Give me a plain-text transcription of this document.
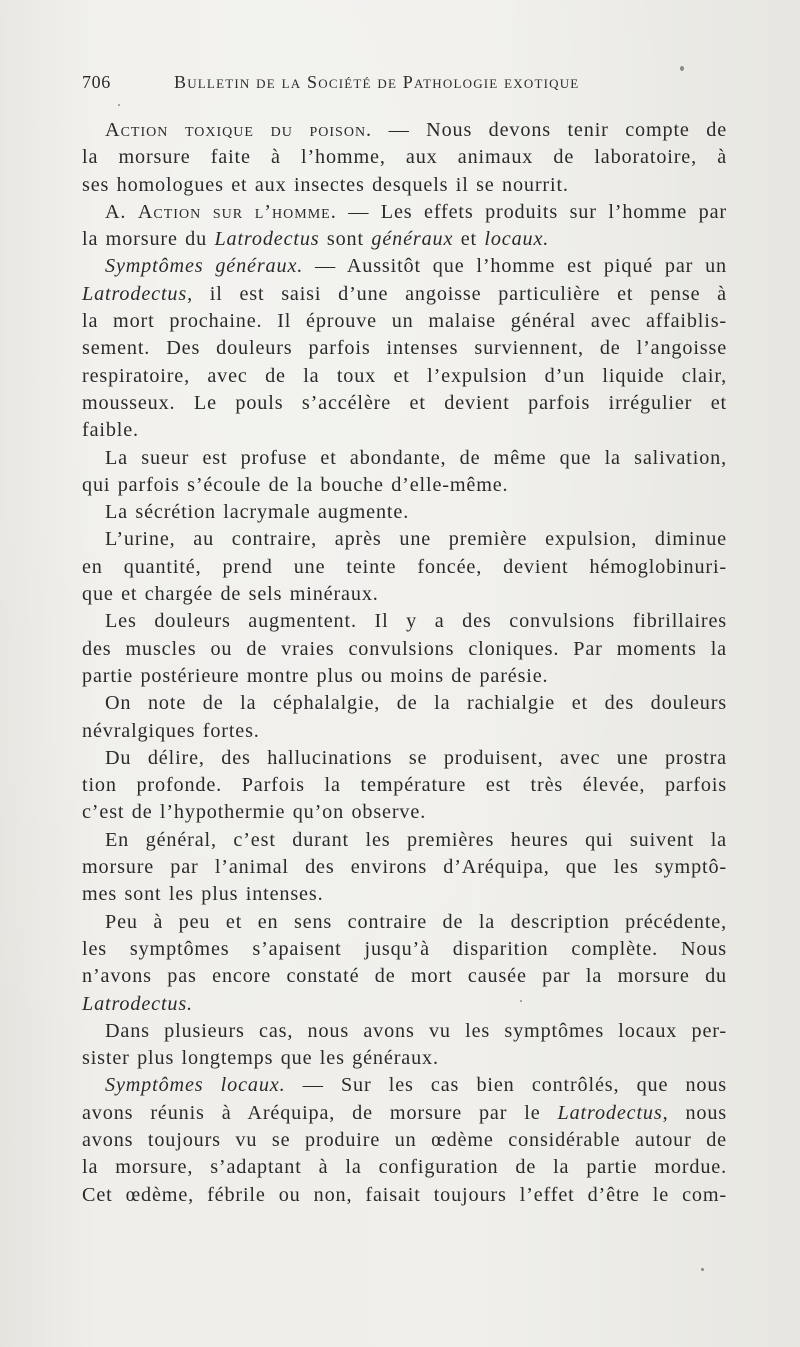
706	Bulletin de la Société de Pathologie exotique
Action toxique du poison. — Nous devons tenir compte de
la morsure faite à l’homme, aux animaux de laboratoire, à
ses homologues et aux insectes desquels il se nourrit.
A. Action sur l’homme. — Les effets produits sur l’homme par
la morsure du Latrodectus sont généraux et locaux.
Symptômes généraux. — Aussitôt que l’homme est piqué par un
Latrodectus, il est saisi d’une angoisse particulière et pense à
la mort prochaine. Il éprouve un malaise général avec affaiblis-
sement. Des douleurs parfois intenses surviennent, de l’angoisse
respiratoire, avec de la toux et l’expulsion d’un liquide clair,
mousseux. Le pouls s’accélère et devient parfois irrégulier et
faible.
La sueur est profuse et abondante, de même que la salivation,
qui parfois s’écoule de la bouche d’elle-même.
La sécrétion lacrymale augmente.
L’urine, au contraire, après une première expulsion, diminue
en quantité, prend une teinte foncée, devient hémoglobinuri-
que et chargée de sels minéraux.
Les douleurs augmentent. Il y a des convulsions fibrillaires
des muscles ou de vraies convulsions cloniques. Par moments la
partie postérieure montre plus ou moins de parésie.
On note de la céphalalgie, de la rachialgie et des douleurs
névralgiques fortes.
Du délire, des hallucinations se produisent, avec une prostra
tion profonde. Parfois la température est très élevée, parfois
c’est de l’hypothermie qu’on observe.
En général, c’est durant les premières heures qui suivent la
morsure par l’animal des environs d’Aréquipa, que les symptô-
mes sont les plus intenses.
Peu à peu et en sens contraire de la description précédente,
les symptômes s’apaisent jusqu’à disparition complète. Nous
n’avons pas encore constaté de mort causée par la morsure du
Latrodectus.
Dans plusieurs cas, nous avons vu les symptômes locaux per-
sister plus longtemps que les généraux.
Symptômes locaux. — Sur les cas bien contrôlés, que nous
avons réunis à Aréquipa, de morsure par le Latrodectus, nous
avons toujours vu se produire un œdème considérable autour de
la morsure, s’adaptant à la configuration de la partie mordue.
Cet œdème, fébrile ou non, faisait toujours l’effet d’être le com-
